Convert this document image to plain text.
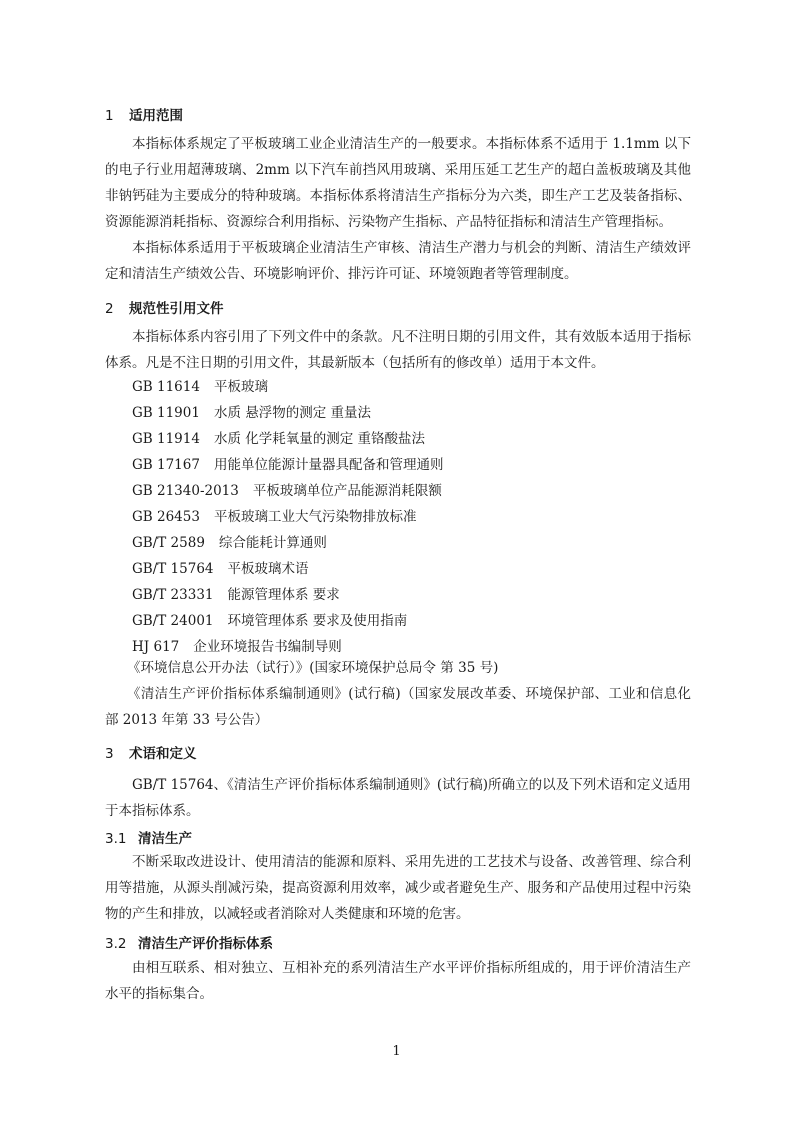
1 适用范围

本指标体系规定了平板玻璃工业企业清洁生产的一般要求。本指标体系不适用于 1.1mm 以下的电子行业用超薄玻璃、2mm 以下汽车前挡风用玻璃、采用压延工艺生产的超白盖板玻璃及其他非钠钙硅为主要成分的特种玻璃。本指标体系将清洁生产指标分为六类，即生产工艺及装备指标、资源能源消耗指标、资源综合利用指标、污染物产生指标、产品特征指标和清洁生产管理指标。

本指标体系适用于平板玻璃企业清洁生产审核、清洁生产潜力与机会的判断、清洁生产绩效评定和清洁生产绩效公告、环境影响评价、排污许可证、环境领跑者等管理制度。

2 规范性引用文件

本指标体系内容引用了下列文件中的条款。凡不注明日期的引用文件，其有效版本适用于指标体系。凡是不注日期的引用文件，其最新版本（包括所有的修改单）适用于本文件。

GB 11614 平板玻璃
GB 11901 水质 悬浮物的测定 重量法
GB 11914 水质 化学耗氧量的测定 重铬酸盐法
GB 17167 用能单位能源计量器具配备和管理通则
GB 21340-2013 平板玻璃单位产品能源消耗限额
GB 26453 平板玻璃工业大气污染物排放标准
GB/T 2589 综合能耗计算通则
GB/T 15764 平板玻璃术语
GB/T 23331 能源管理体系 要求
GB/T 24001 环境管理体系 要求及使用指南
HJ 617 企业环境报告书编制导则

《环境信息公开办法（试行）》(国家环境保护总局令 第 35 号)

《清洁生产评价指标体系编制通则》(试行稿)（国家发展改革委、环境保护部、工业和信息化部 2013 年第 33 号公告）

3 术语和定义

GB/T 15764、《清洁生产评价指标体系编制通则》(试行稿)所确立的以及下列术语和定义适用于本指标体系。

3.1 清洁生产

不断采取改进设计、使用清洁的能源和原料、采用先进的工艺技术与设备、改善管理、综合利用等措施，从源头削减污染，提高资源利用效率，减少或者避免生产、服务和产品使用过程中污染物的产生和排放，以减轻或者消除对人类健康和环境的危害。

3.2 清洁生产评价指标体系

由相互联系、相对独立、互相补充的系列清洁生产水平评价指标所组成的，用于评价清洁生产水平的指标集合。

1
